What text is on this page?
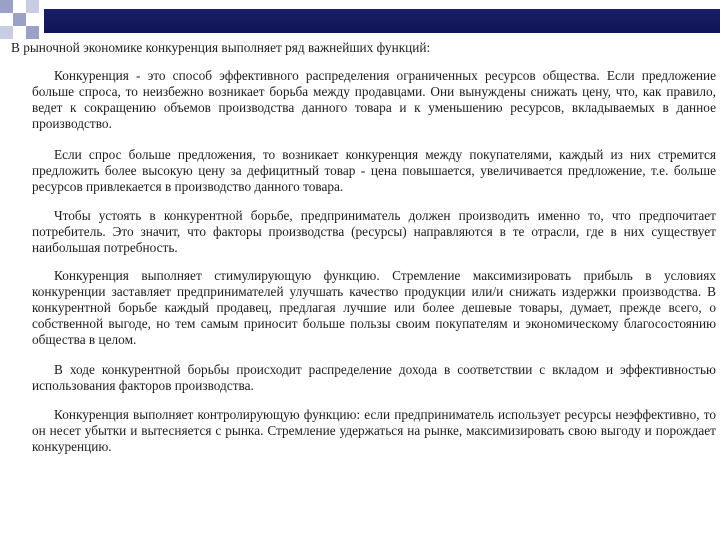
В рыночной экономике конкуренция выполняет ряд важнейших функций:
Конкуренция - это способ эффективного распределения ограниченных ресурсов общества. Если предложение больше спроса, то неизбежно возникает борьба между продавцами. Они вынуждены снижать цену, что, как правило, ведет к сокращению объемов производства данного товара и к уменьшению ресурсов, вкладываемых в данное производство.
Если спрос больше предложения, то возникает конкуренция между покупателями, каждый из них стремится предложить более высокую цену за дефицитный товар - цена повышается, увеличивается предложение, т.е. больше ресурсов привлекается в производство данного товара.
Чтобы устоять в конкурентной борьбе, предприниматель должен производить именно то, что предпочитает потребитель. Это значит, что факторы производства (ресурсы) направляются в те отрасли, где в них существует наибольшая потребность.
Конкуренция выполняет стимулирующую функцию. Стремление максимизировать прибыль в условиях конкуренции заставляет предпринимателей улучшать качество продукции или/и снижать издержки производства. В конкурентной борьбе каждый продавец, предлагая лучшие или более дешевые товары, думает, прежде всего, о собственной выгоде, но тем самым приносит больше пользы своим покупателям и экономическому благосостоянию общества в целом.
В ходе конкурентной борьбы происходит распределение дохода в соответствии с вкладом и эффективностью использования факторов производства.
Конкуренция выполняет контролирующую функцию: если предприниматель использует ресурсы неэффективно, то он несет убытки и вытесняется с рынка. Стремление удержаться на рынке, максимизировать свою выгоду и порождает конкуренцию.
